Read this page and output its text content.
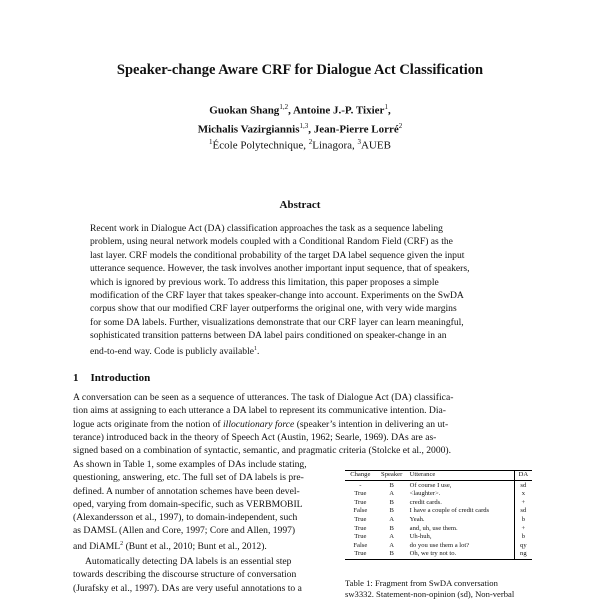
Speaker-change Aware CRF for Dialogue Act Classification
Guokan Shang$^{1,2}$, Antoine J.-P. Tixier$^1$,
Michalis Vazirgiannis$^{1,3}$, Jean-Pierre Lorré$^2$
$^1$École Polytechnique, $^2$Linagora, $^3$AUEB
Abstract

Recent work in Dialogue Act (DA) classification approaches the task as a sequence labeling
problem, using neural network models coupled with a Conditional Random Field (CRF) as the
last layer. CRF models the conditional probability of the target DA label sequence given the input
utterance sequence. However, the task involves another important input sequence, that of speakers,
which is ignored by previous work. To address this limitation, this paper proposes a simple
modification of the CRF layer that takes speaker-change into account. Experiments on the SwDA
corpus show that our modified CRF layer outperforms the original one, with very wide margins
for some DA labels. Further, visualizations demonstrate that our CRF layer can learn meaningful,
sophisticated transition patterns between DA label pairs conditioned on speaker-change in an
end-to-end way. Code is publicly available$^1$.

1 Introduction

A conversation can be seen as a sequence of utterances. The task of Dialogue Act (DA) classifica-
tion aims at assigning to each utterance a DA label to represent its communicative intention. Dia-
logue acts originate from the notion of illocutionary force (speaker’s intention in delivering an ut-
terance) introduced back in the theory of Speech Act (Austin, 1962; Searle, 1969). DAs are as-
signed based on a combination of syntactic, semantic, and pragmatic criteria (Stolcke et al., 2000).

As shown in Table 1, some examples of DAs include stating,
questioning, answering, etc. The full set of DA labels is pre-
defined. A number of annotation schemes have been devel-
oped, varying from domain-specific, such as VERBMOBIL
(Alexandersson et al., 1997), to domain-independent, such
as DAMSL (Allen and Core, 1997; Core and Allen, 1997)
and DiAML$^2$ (Bunt et al., 2010; Bunt et al., 2012).

Automatically detecting DA labels is an essential step
towards describing the discourse structure of conversation
(Jurafsky et al., 1997). DAs are very useful annotations to a

Change	Speaker	Utterance	DA
-	B	Of course I use,	sd
True	A	<laughter>.	x
True	B	credit cards.	+
False	B	I have a couple of credit cards	sd
True	A	Yeah.	b
True	B	and, uh, use them.	+
True	A	Uh-huh,	b
False	A	do you use them a lot?	qy
True	B	Oh, we try not to.	ng

Table 1: Fragment from SwDA conversation
sw3332. Statement-non-opinion (sd), Non-verbal
